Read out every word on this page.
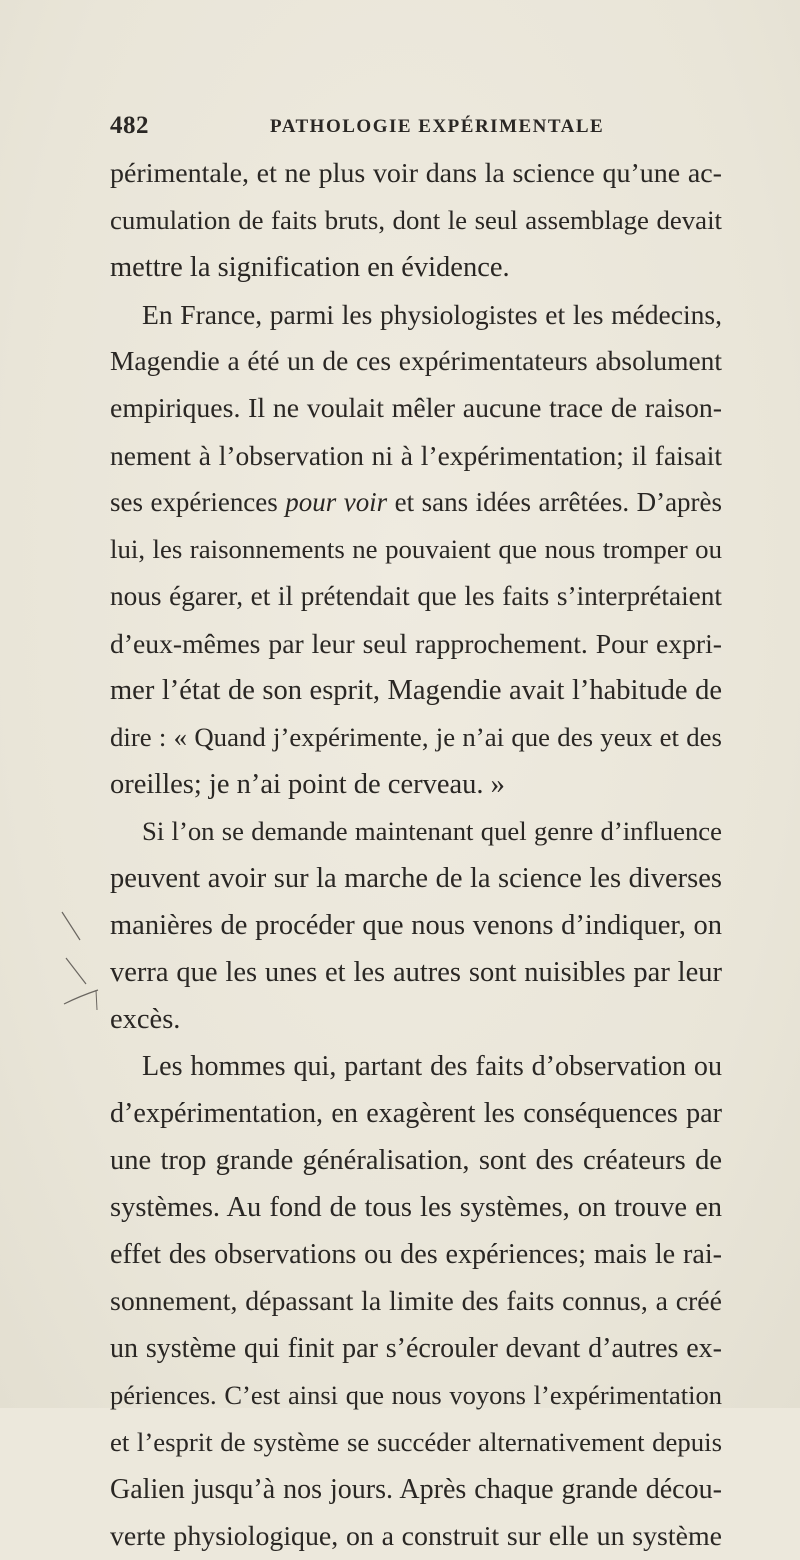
482	PATHOLOGIE EXPÉRIMENTALE
périmentale, et ne plus voir dans la science qu’une ac-
cumulation de faits bruts, dont le seul assemblage devait
mettre la signification en évidence.
En France, parmi les physiologistes et les médecins,
Magendie a été un de ces expérimentateurs absolument
empiriques. Il ne voulait mêler aucune trace de raison-
nement à l’observation ni à l’expérimentation; il faisait
ses expériences pour voir et sans idées arrêtées. D’après
lui, les raisonnements ne pouvaient que nous tromper ou
nous égarer, et il prétendait que les faits s’interprétaient
d’eux-mêmes par leur seul rapprochement. Pour expri-
mer l’état de son esprit, Magendie avait l’habitude de
dire : « Quand j’expérimente, je n’ai que des yeux et des
oreilles; je n’ai point de cerveau. »
Si l’on se demande maintenant quel genre d’influence
peuvent avoir sur la marche de la science les diverses
manières de procéder que nous venons d’indiquer, on
verra que les unes et les autres sont nuisibles par leur
excès.
Les hommes qui, partant des faits d’observation ou
d’expérimentation, en exagèrent les conséquences par
une trop grande généralisation, sont des créateurs de
systèmes. Au fond de tous les systèmes, on trouve en
effet des observations ou des expériences; mais le rai-
sonnement, dépassant la limite des faits connus, a créé
un système qui finit par s’écrouler devant d’autres ex-
périences. C’est ainsi que nous voyons l’expérimentation
et l’esprit de système se succéder alternativement depuis
Galien jusqu’à nos jours. Après chaque grande décou-
verte physiologique, on a construit sur elle un système
